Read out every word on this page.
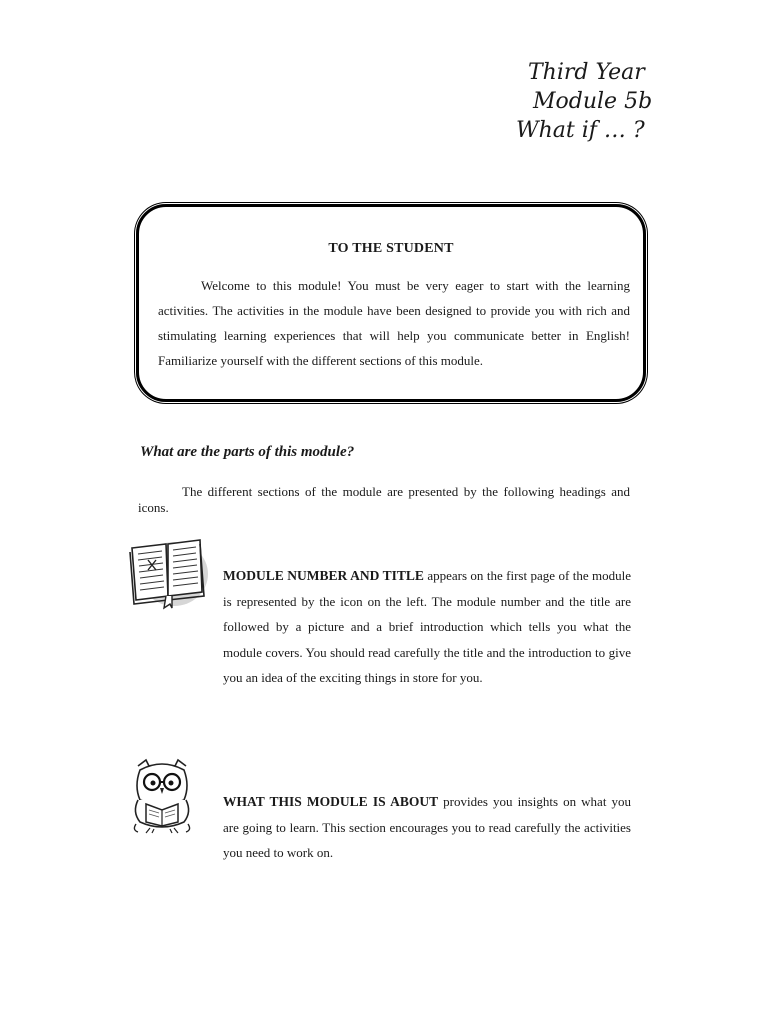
Third Year
Module 5b
What if … ?
TO THE STUDENT
Welcome to this module! You must be very eager to start with the learning activities. The activities in the module have been designed to provide you with rich and stimulating learning experiences that will help you communicate better in English! Familiarize yourself with the different sections of this module.
What are the parts of this module?
The different sections of the module are presented by the following headings and icons.
MODULE NUMBER AND TITLE appears on the first page of the module is represented by the icon on the left. The module number and the title are followed by a picture and a brief introduction which tells you what the module covers. You should read carefully the title and the introduction to give you an idea of the exciting things in store for you.
WHAT THIS MODULE IS ABOUT provides you insights on what you are going to learn. This section encourages you to read carefully the activities you need to work on.
